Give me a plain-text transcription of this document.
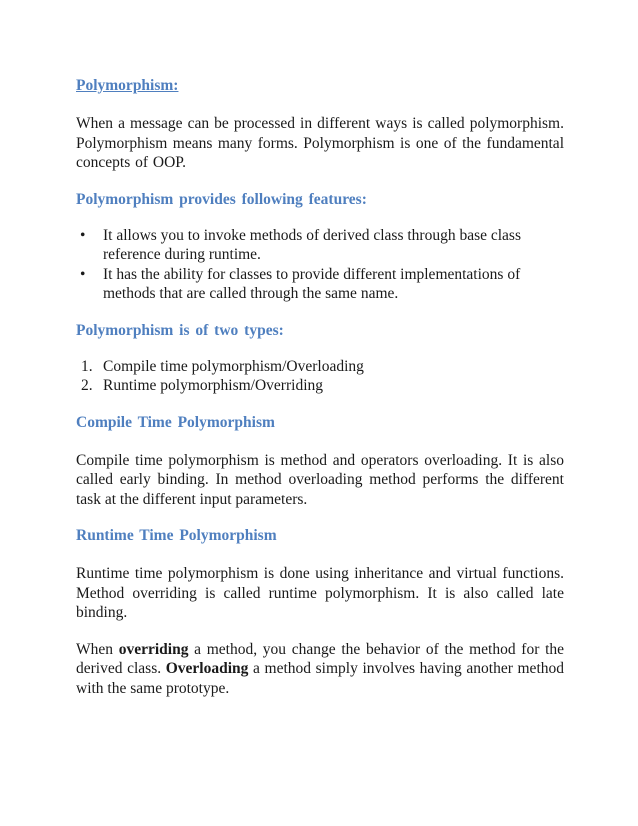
Polymorphism:

When a message can be processed in different ways is called polymorphism. Polymorphism means many forms. Polymorphism is one of the fundamental concepts of OOP.

Polymorphism provides following features:

• It allows you to invoke methods of derived class through base class reference during runtime.
• It has the ability for classes to provide different implementations of methods that are called through the same name.

Polymorphism is of two types:

1. Compile time polymorphism/Overloading
2. Runtime polymorphism/Overriding

Compile Time Polymorphism

Compile time polymorphism is method and operators overloading. It is also called early binding. In method overloading method performs the different task at the different input parameters.

Runtime Time Polymorphism

Runtime time polymorphism is done using inheritance and virtual functions. Method overriding is called runtime polymorphism. It is also called late binding.

When overriding a method, you change the behavior of the method for the derived class. Overloading a method simply involves having another method with the same prototype.
